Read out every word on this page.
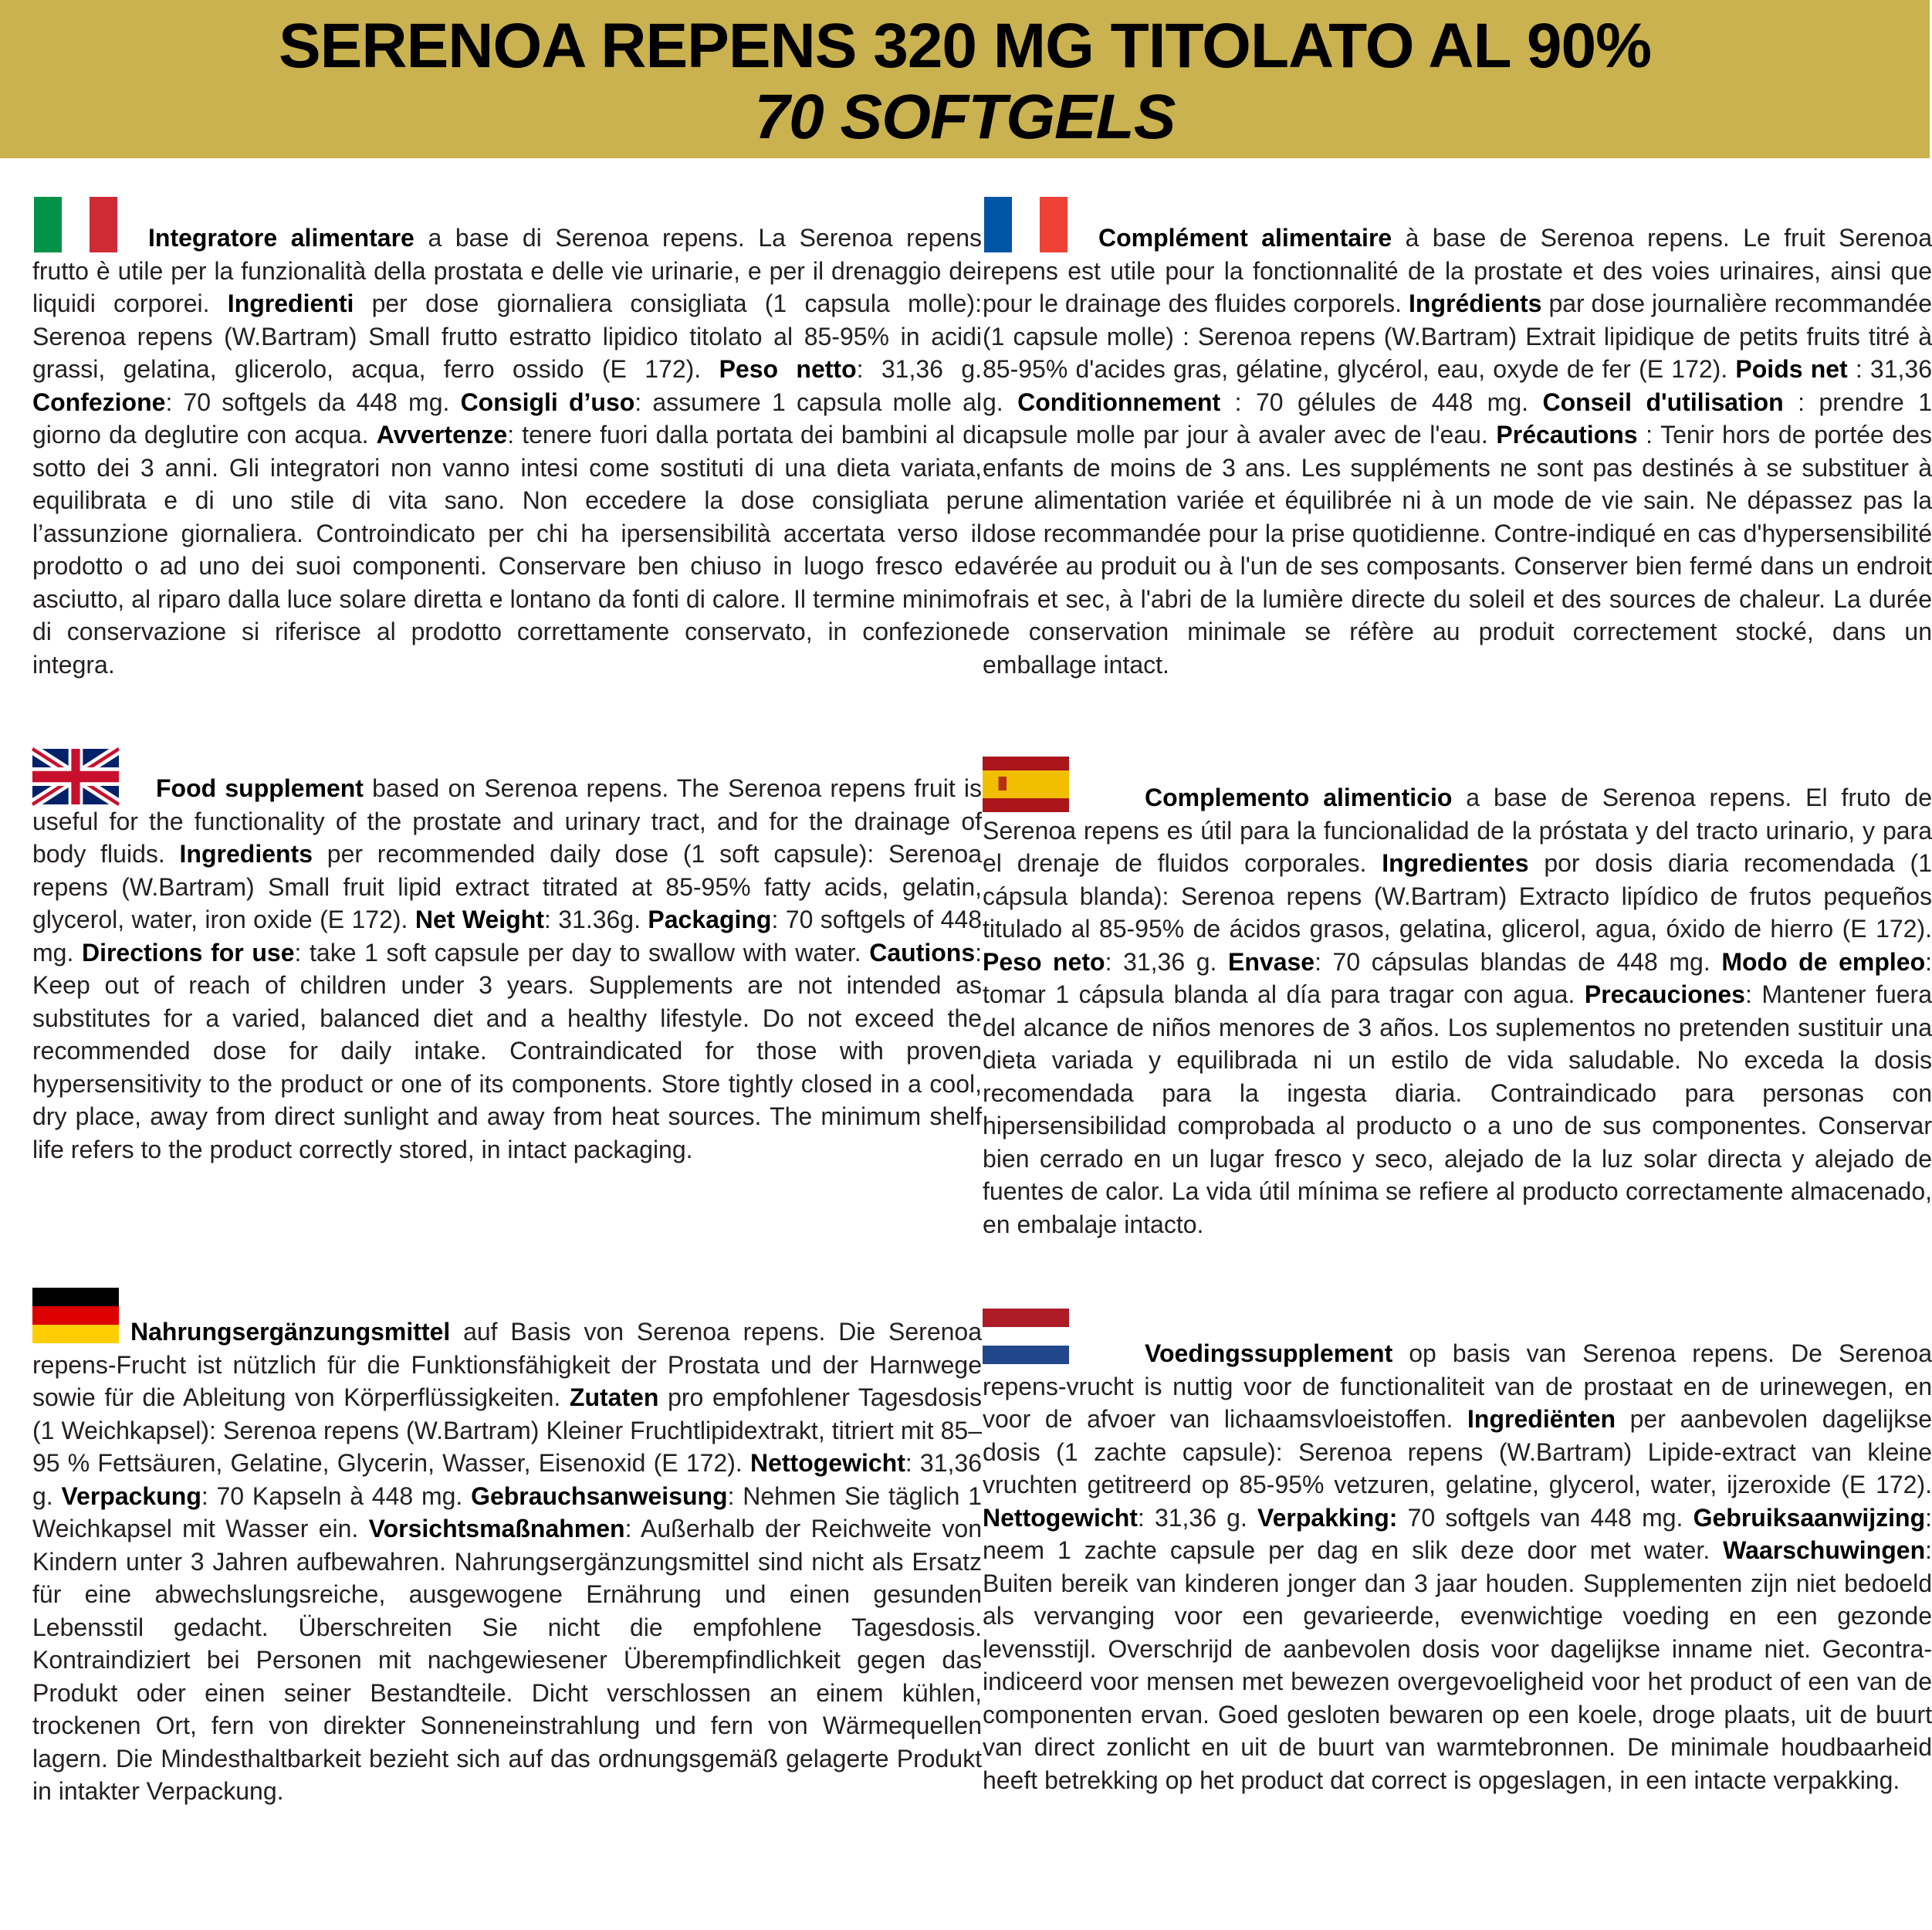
SERENOA REPENS 320 MG TITOLATO AL 90%
70 SOFTGELS

Integratore alimentare a base di Serenoa repens. La Serenoa repens frutto è utile per la funzionalità della prostata e delle vie urinarie, e per il drenaggio dei liquidi corporei. Ingredienti per dose giornaliera consigliata (1 capsula molle): Serenoa repens (W.Bartram) Small frutto estratto lipidico titolato al 85-95% in acidi grassi, gelatina, glicerolo, acqua, ferro ossido (E 172). Peso netto: 31,36 g. Confezione: 70 softgels da 448 mg. Consigli d’uso: assumere 1 capsula molle al giorno da deglutire con acqua. Avvertenze: tenere fuori dalla portata dei bambini al di sotto dei 3 anni. Gli integratori non vanno intesi come sostituti di una dieta variata, equilibrata e di uno stile di vita sano. Non eccedere la dose consigliata per l’assunzione giornaliera. Controindicato per chi ha ipersensibilità accertata verso il prodotto o ad uno dei suoi componenti. Conservare ben chiuso in luogo fresco ed asciutto, al riparo dalla luce solare diretta e lontano da fonti di calore. Il termine minimo di conservazione si riferisce al prodotto correttamente conservato, in confezione integra.

Complément alimentaire à base de Serenoa repens. Le fruit Serenoa repens est utile pour la fonctionnalité de la prostate et des voies urinaires, ainsi que pour le drainage des fluides corporels. Ingrédients par dose journalière recommandée (1 capsule molle) : Serenoa repens (W.Bartram) Extrait lipidique de petits fruits titré à 85-95% d'acides gras, gélatine, glycérol, eau, oxyde de fer (E 172). Poids net : 31,36 g. Conditionnement : 70 gélules de 448 mg. Conseil d'utilisation : prendre 1 capsule molle par jour à avaler avec de l'eau. Précautions : Tenir hors de portée des enfants de moins de 3 ans. Les suppléments ne sont pas destinés à se substituer à une alimentation variée et équilibrée ni à un mode de vie sain. Ne dépassez pas la dose recommandée pour la prise quotidienne. Contre-indiqué en cas d'hypersensibilité avérée au produit ou à l'un de ses composants. Conserver bien fermé dans un endroit frais et sec, à l'abri de la lumière directe du soleil et des sources de chaleur. La durée de conservation minimale se réfère au produit correctement stocké, dans un emballage intact.

Food supplement based on Serenoa repens. The Serenoa repens fruit is useful for the functionality of the prostate and urinary tract, and for the drainage of body fluids. Ingredients per recommended daily dose (1 soft capsule): Serenoa repens (W.Bartram) Small fruit lipid extract titrated at 85-95% fatty acids, gelatin, glycerol, water, iron oxide (E 172). Net Weight: 31.36g. Packaging: 70 softgels of 448 mg. Directions for use: take 1 soft capsule per day to swallow with water. Cautions: Keep out of reach of children under 3 years. Supplements are not intended as substitutes for a varied, balanced diet and a healthy lifestyle. Do not exceed the recommended dose for daily intake. Contraindicated for those with proven hypersensitivity to the product or one of its components. Store tightly closed in a cool, dry place, away from direct sunlight and away from heat sources. The minimum shelf life refers to the product correctly stored, in intact packaging.

Complemento alimenticio a base de Serenoa repens. El fruto de Serenoa repens es útil para la funcionalidad de la próstata y del tracto urinario, y para el drenaje de fluidos corporales. Ingredientes por dosis diaria recomendada (1 cápsula blanda): Serenoa repens (W.Bartram) Extracto lipídico de frutos pequeños titulado al 85-95% de ácidos grasos, gelatina, glicerol, agua, óxido de hierro (E 172). Peso neto: 31,36 g. Envase: 70 cápsulas blandas de 448 mg. Modo de empleo: tomar 1 cápsula blanda al día para tragar con agua. Precauciones: Mantener fuera del alcance de niños menores de 3 años. Los suplementos no pretenden sustituir una dieta variada y equilibrada ni un estilo de vida saludable. No exceda la dosis recomendada para la ingesta diaria. Contraindicado para personas con hipersensibilidad comprobada al producto o a uno de sus componentes. Conservar bien cerrado en un lugar fresco y seco, alejado de la luz solar directa y alejado de fuentes de calor. La vida útil mínima se refiere al producto correctamente almacenado, en embalaje intacto.

Nahrungsergänzungsmittel auf Basis von Serenoa repens. Die Serenoa repens-Frucht ist nützlich für die Funktionsfähigkeit der Prostata und der Harnwege sowie für die Ableitung von Körperflüssigkeiten. Zutaten pro empfohlener Tagesdosis (1 Weichkapsel): Serenoa repens (W.Bartram) Kleiner Fruchtlipidextrakt, titriert mit 85–95 % Fettsäuren, Gelatine, Glycerin, Wasser, Eisenoxid (E 172). Nettogewicht: 31,36 g. Verpackung: 70 Kapseln à 448 mg. Gebrauchsanweisung: Nehmen Sie täglich 1 Weichkapsel mit Wasser ein. Vorsichtsmaßnahmen: Außerhalb der Reichweite von Kindern unter 3 Jahren aufbewahren. Nahrungsergänzungsmittel sind nicht als Ersatz für eine abwechslungsreiche, ausgewogene Ernährung und einen gesunden Lebensstil gedacht. Überschreiten Sie nicht die empfohlene Tagesdosis. Kontraindiziert bei Personen mit nachgewiesener Überempfindlichkeit gegen das Produkt oder einen seiner Bestandteile. Dicht verschlossen an einem kühlen, trockenen Ort, fern von direkter Sonneneinstrahlung und fern von Wärmequellen lagern. Die Mindesthaltbarkeit bezieht sich auf das ordnungsgemäß gelagerte Produkt in intakter Verpackung.

Voedingssupplement op basis van Serenoa repens. De Serenoa repens-vrucht is nuttig voor de functionaliteit van de prostaat en de urinewegen, en voor de afvoer van lichaamsvloeistoffen. Ingrediënten per aanbevolen dagelijkse dosis (1 zachte capsule): Serenoa repens (W.Bartram) Lipide-extract van kleine vruchten getitreerd op 85-95% vetzuren, gelatine, glycerol, water, ijzeroxide (E 172). Nettogewicht: 31,36 g. Verpakking: 70 softgels van 448 mg. Gebruiksaanwijzing: neem 1 zachte capsule per dag en slik deze door met water. Waarschuwingen: Buiten bereik van kinderen jonger dan 3 jaar houden. Supplementen zijn niet bedoeld als vervanging voor een gevarieerde, evenwichtige voeding en een gezonde levensstijl. Overschrijd de aanbevolen dosis voor dagelijkse inname niet. Gecontra-indiceerd voor mensen met bewezen overgevoeligheid voor het product of een van de componenten ervan. Goed gesloten bewaren op een koele, droge plaats, uit de buurt van direct zonlicht en uit de buurt van warmtebronnen. De minimale houdbaarheid heeft betrekking op het product dat correct is opgeslagen, in een intacte verpakking.
